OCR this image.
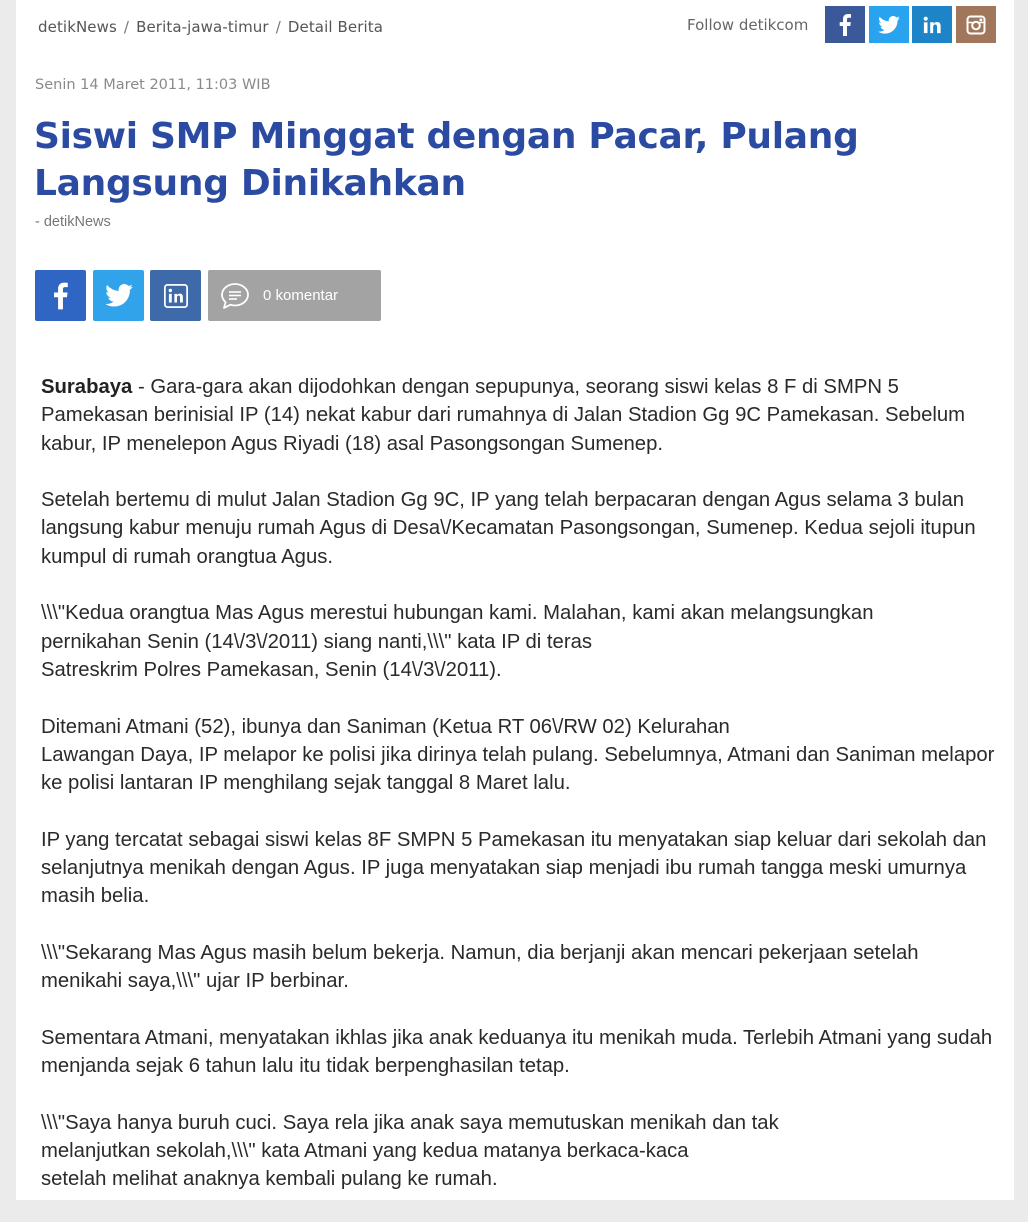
detikNews / Berita-jawa-timur / Detail Berita	Follow detikcom
Senin 14 Maret 2011, 11:03 WIB
Siswi SMP Minggat dengan Pacar, Pulang Langsung Dinikahkan
- detikNews
0 komentar

Surabaya - Gara-gara akan dijodohkan dengan sepupunya, seorang siswi kelas 8 F di SMPN 5 Pamekasan berinisial IP (14) nekat kabur dari rumahnya di Jalan Stadion Gg 9C Pamekasan. Sebelum kabur, IP menelepon Agus Riyadi (18) asal Pasongsongan Sumenep.

Setelah bertemu di mulut Jalan Stadion Gg 9C, IP yang telah berpacaran dengan Agus selama 3 bulan langsung kabur menuju rumah Agus di Desa\/Kecamatan Pasongsongan, Sumenep. Kedua sejoli itupun kumpul di rumah orangtua Agus.

\\\"Kedua orangtua Mas Agus merestui hubungan kami. Malahan, kami akan melangsungkan
pernikahan Senin (14\/3\/2011) siang nanti,\\\" kata IP di teras
Satreskrim Polres Pamekasan, Senin (14\/3\/2011).

Ditemani Atmani (52), ibunya dan Saniman (Ketua RT 06\/RW 02) Kelurahan
Lawangan Daya, IP melapor ke polisi jika dirinya telah pulang. Sebelumnya, Atmani dan Saniman melapor ke polisi lantaran IP menghilang sejak tanggal 8 Maret lalu.

IP yang tercatat sebagai siswi kelas 8F SMPN 5 Pamekasan itu menyatakan siap keluar dari sekolah dan selanjutnya menikah dengan Agus. IP juga menyatakan siap menjadi ibu rumah tangga meski umurnya masih belia.

\\\"Sekarang Mas Agus masih belum bekerja. Namun, dia berjanji akan mencari pekerjaan setelah
menikahi saya,\\\" ujar IP berbinar.

Sementara Atmani, menyatakan ikhlas jika anak keduanya itu menikah muda. Terlebih Atmani yang sudah menjanda sejak 6 tahun lalu itu tidak berpenghasilan tetap.

\\\"Saya hanya buruh cuci. Saya rela jika anak saya memutuskan menikah dan tak
melanjutkan sekolah,\\\" kata Atmani yang kedua matanya berkaca-kaca
setelah melihat anaknya kembali pulang ke rumah.
